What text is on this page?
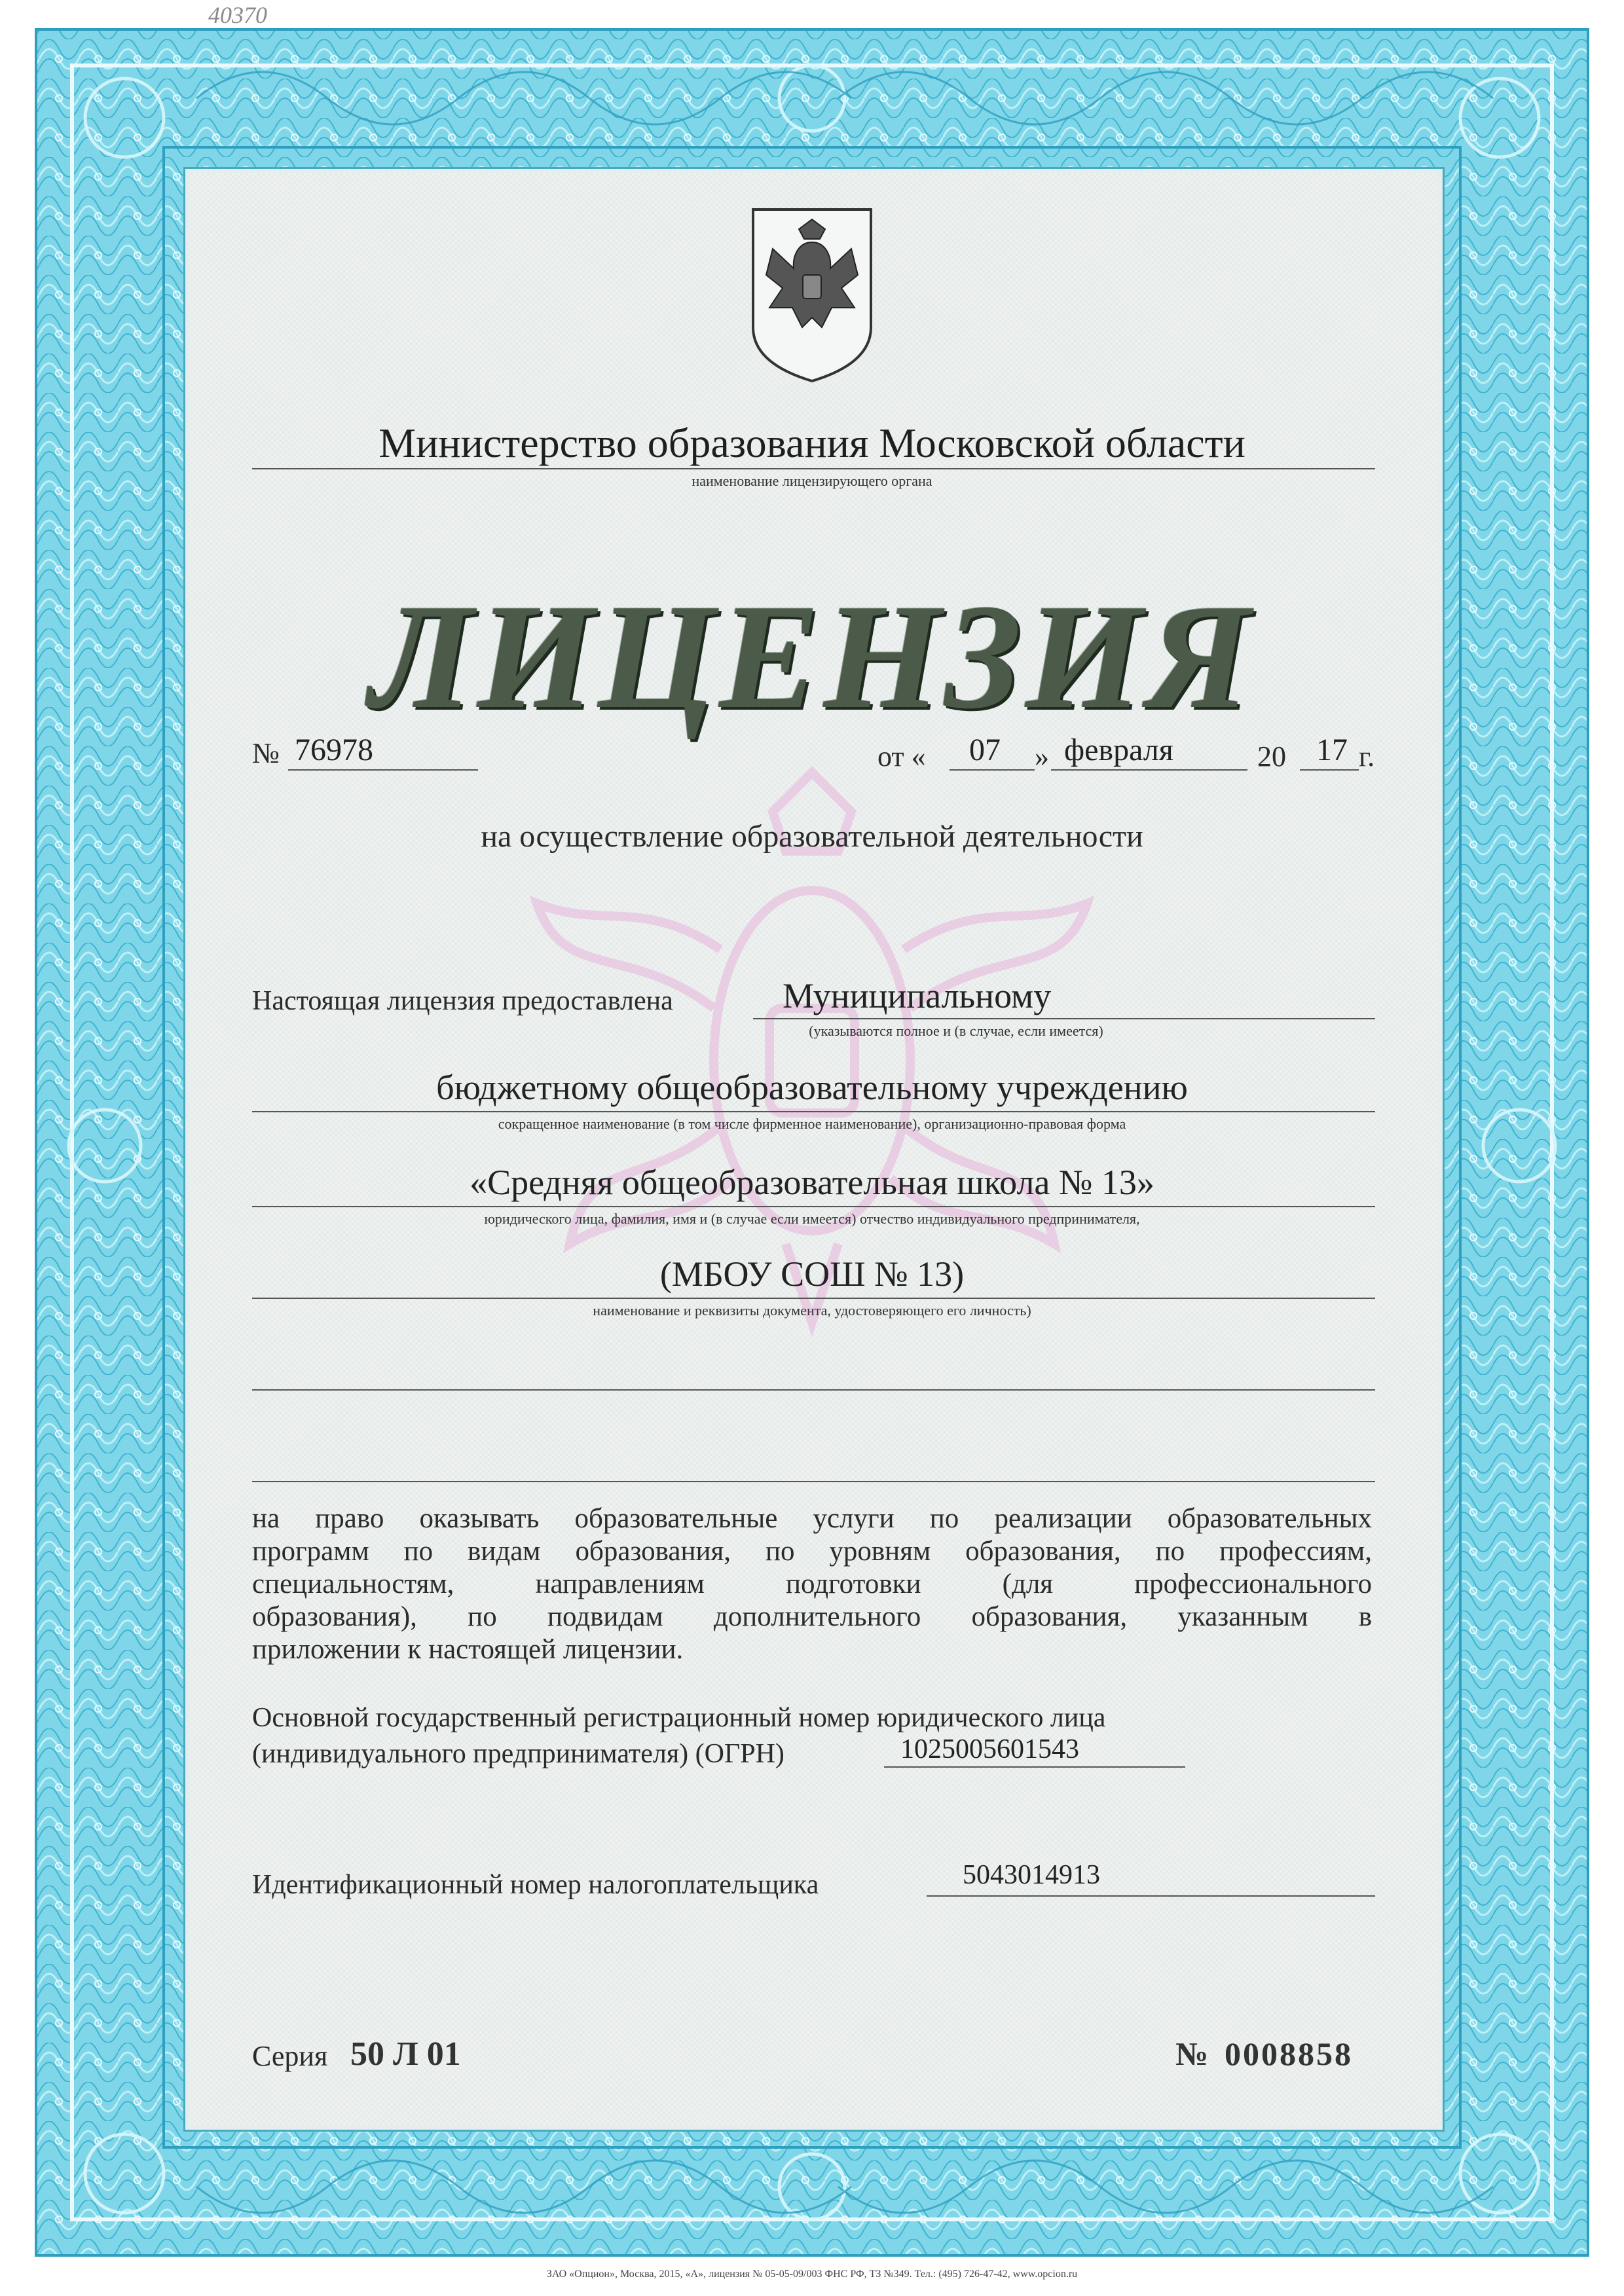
40370
Министерство образования Московской области
наименование лицензирующего органа
ЛИЦЕНЗИЯ
№ 76978	от « 07 » февраля	20 17 г.
на осуществление образовательной деятельности
Настоящая лицензия предоставлена	Муниципальному
(указываются полное и (в случае, если имеется)
бюджетному общеобразовательному учреждению
сокращенное наименование (в том числе фирменное наименование), организационно-правовая форма
«Средняя общеобразовательная школа № 13»
юридического лица, фамилия, имя и (в случае если имеется) отчество индивидуального предпринимателя,
(МБОУ СОШ № 13)
наименование и реквизиты документа, удостоверяющего его личность)
на право оказывать образовательные услуги по реализации образовательных
программ по видам образования, по уровням образования, по профессиям,
специальностям, направлениям подготовки (для профессионального
образования), по подвидам дополнительного образования, указанным в
приложении к настоящей лицензии.
Основной государственный регистрационный номер юридического лица
(индивидуального предпринимателя) (ОГРН)	1025005601543
Идентификационный номер налогоплательщика	5043014913
Серия 50 Л 01	№ 0008858
ЗАО «Опцион», Москва, 2015, «А», лицензия № 05-05-09/003 ФНС РФ, ТЗ №349. Тел.: (495) 726-47-42, www.opcion.ru
